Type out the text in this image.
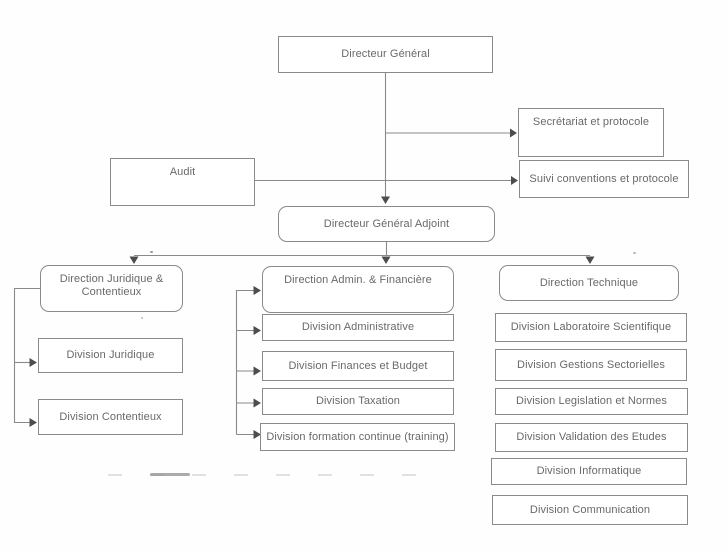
Directeur Général
Secrétariat et protocole
Audit
Suivi conventions et protocole
Directeur Général Adjoint
Direction Juridique &
Contentieux
Division Juridique
Division Contentieux
Direction Admin. & Financière
Division Administrative
Division Finances et Budget
Division Taxation
Division formation continue (training)
Direction Technique
Division Laboratoire Scientifique
Division Gestions Sectorielles
Division Legislation et Normes
Division Validation des Etudes
Division Informatique
Division Communication
